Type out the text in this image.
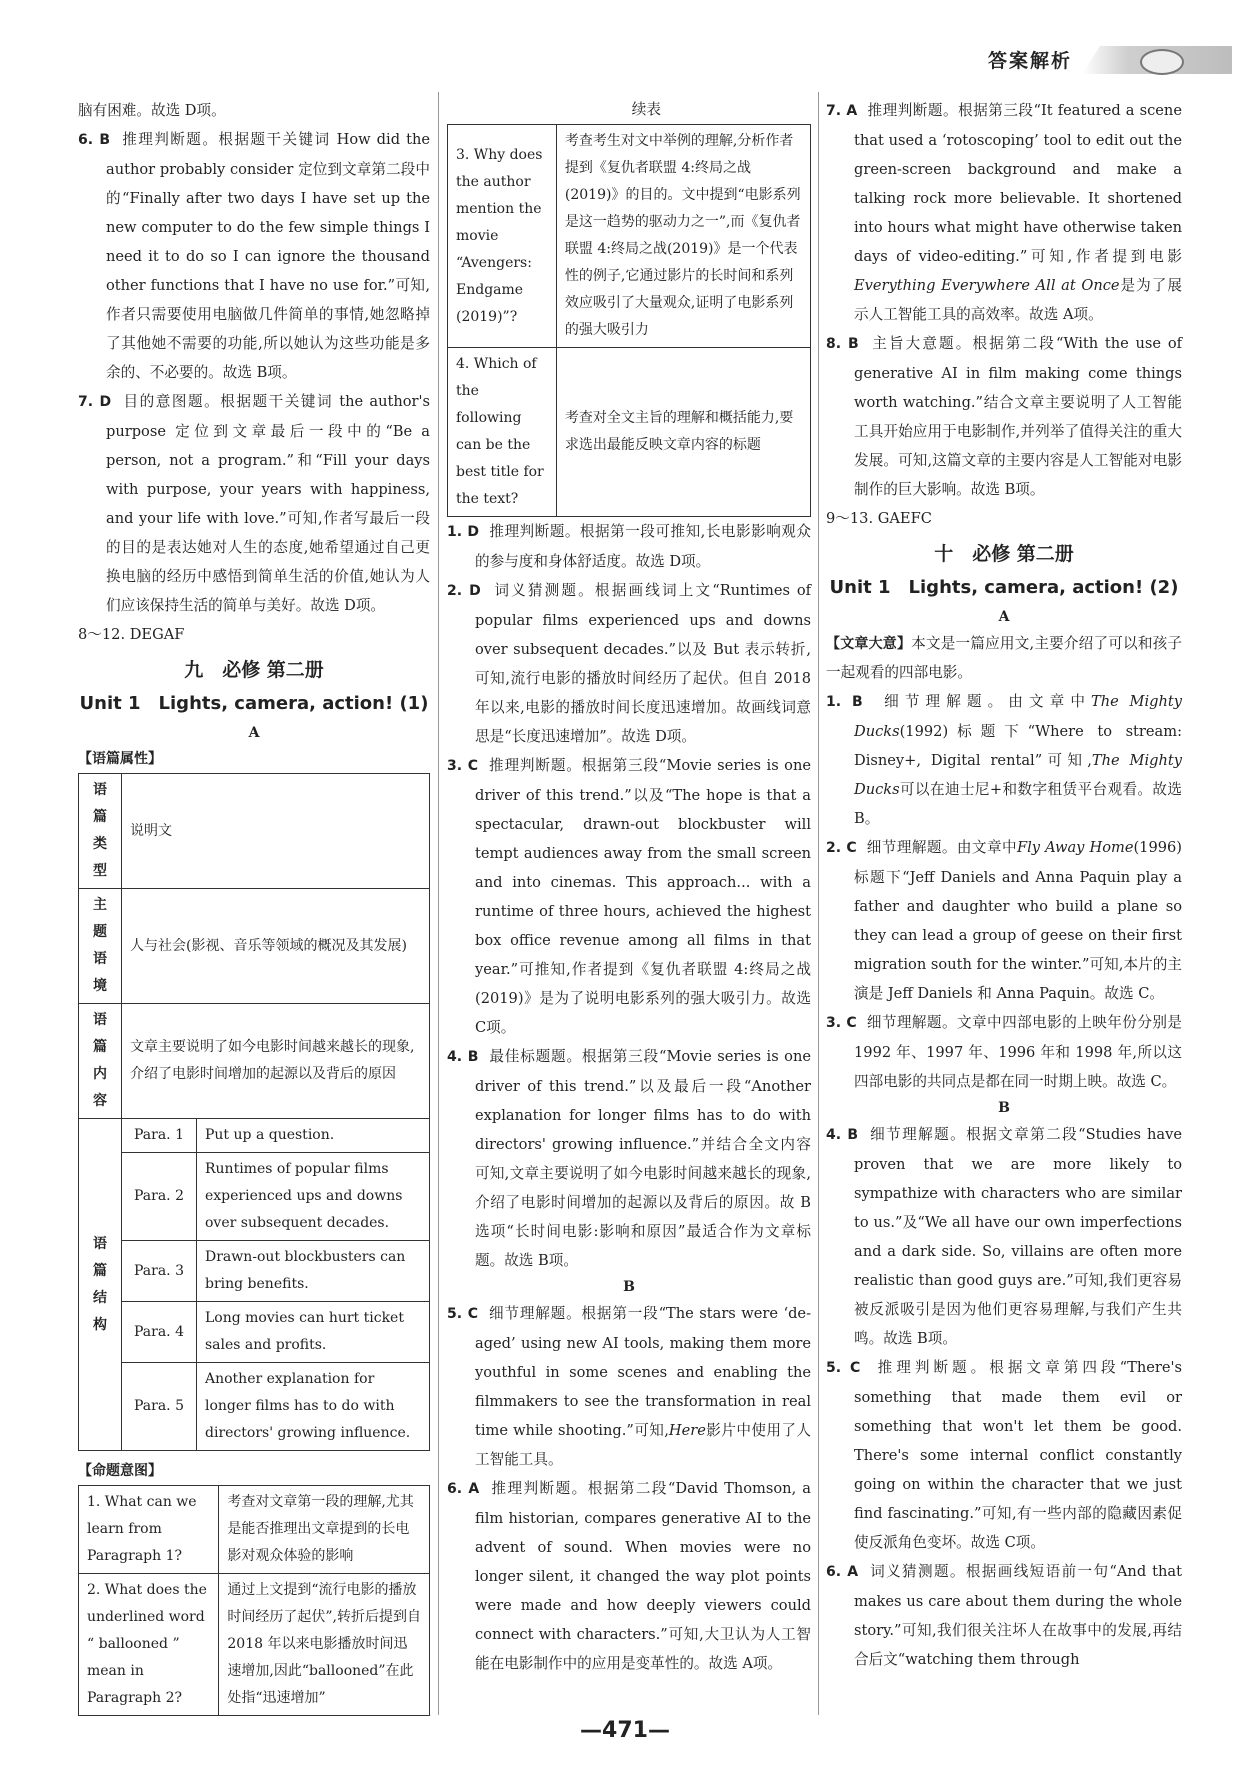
答案解析

脑有困难。故选 D项。

6. B 推理判断题。根据题干关键词 How did the author probably consider 定位到文章第二段中的“Finally after two days I have set up the new computer to do the few simple things I need it to do so I can ignore the thousand other functions that I have no use for.”可知,作者只需要使用电脑做几件简单的事情,她忽略掉了其他她不需要的功能,所以她认为这些功能是多余的、不必要的。故选 B项。

7. D 目的意图题。根据题干关键词 the author's purpose 定位到文章最后一段中的“Be a person, not a program.”和“Fill your days with purpose, your years with happiness, and your life with love.”可知,作者写最后一段的目的是表达她对人生的态度,她希望通过自己更换电脑的经历中感悟到简单生活的价值,她认为人们应该保持生活的简单与美好。故选 D项。

8～12. DEGAF

九　必修 第二册
Unit 1　Lights, camera, action! (1)
A
【语篇属性】
语篇类型	说明文	
主题语境	人与社会(影视、音乐等领域的概况及其发展)	
语篇内容	文章主要说明了如今电影时间越来越长的现象,介绍了电影时间增加的起源以及背后的原因	
语篇结构	Para. 1	Put up a question.
	Para. 2	Runtimes of popular films experienced ups and downs over subsequent decades.
	Para. 3	Drawn-out blockbusters can bring benefits.
	Para. 4	Long movies can hurt ticket sales and profits.
	Para. 5	Another explanation for longer films has to do with directors' growing influence.
【命题意图】
1. What can we learn from Paragraph 1?	考查对文章第一段的理解,尤其是能否推理出文章提到的长电影对观众体验的影响
2. What does the underlined word “ ballooned ” mean in Paragraph 2?	通过上文提到“流行电影的播放时间经历了起伏”,转折后提到自 2018 年以来电影播放时间迅速增加,因此“ballooned”在此处指“迅速增加”
续表
3. Why does the author mention the movie “Avengers: Endgame (2019)”?	考查考生对文中举例的理解,分析作者提到《复仇者联盟 4:终局之战(2019)》的目的。文中提到“电影系列是这一趋势的驱动力之一”,而《复仇者联盟 4:终局之战(2019)》是一个代表性的例子,它通过影片的长时间和系列效应吸引了大量观众,证明了电影系列的强大吸引力
4. Which of the following can be the best title for the text?	考查对全文主旨的理解和概括能力,要求选出最能反映文章内容的标题

1. D 推理判断题。根据第一段可推知,长电影影响观众的参与度和身体舒适度。故选 D项。

2. D 词义猜测题。根据画线词上文“Runtimes of popular films experienced ups and downs over subsequent decades.”以及 But 表示转折,可知,流行电影的播放时间经历了起伏。但自 2018 年以来,电影的播放时间长度迅速增加。故画线词意思是“长度迅速增加”。故选 D项。

3. C 推理判断题。根据第三段“Movie series is one driver of this trend.”以及“The hope is that a spectacular, drawn-out blockbuster will tempt audiences away from the small screen and into cinemas. This approach... with a runtime of three hours, achieved the highest box office revenue among all films in that year.”可推知,作者提到《复仇者联盟 4:终局之战(2019)》是为了说明电影系列的强大吸引力。故选 C项。

4. B 最佳标题题。根据第三段“Movie series is one driver of this trend.”以及最后一段“Another explanation for longer films has to do with directors' growing influence.”并结合全文内容可知,文章主要说明了如今电影时间越来越长的现象,介绍了电影时间增加的起源以及背后的原因。故 B选项“长时间电影:影响和原因”最适合作为文章标题。故选 B项。

B

5. C 细节理解题。根据第一段“The stars were ‘de-aged’ using new AI tools, making them more youthful in some scenes and enabling the filmmakers to see the transformation in real time while shooting.”可知,Here影片中使用了人工智能工具。

6. A 推理判断题。根据第二段“David Thomson, a film historian, compares generative AI to the advent of sound. When movies were no longer silent, it changed the way plot points were made and how deeply viewers could connect with characters.”可知,大卫认为人工智能在电影制作中的应用是变革性的。故选 A项。

7. A 推理判断题。根据第三段“It featured a scene that used a ‘rotoscoping’ tool to edit out the green-screen background and make a talking rock more believable. It shortened into hours what might have otherwise taken days of video-editing.”可知,作者提到电影Everything Everywhere All at Once是为了展示人工智能工具的高效率。故选 A项。

8. B 主旨大意题。根据第二段“With the use of generative AI in film making come things worth watching.”结合文章主要说明了人工智能工具开始应用于电影制作,并列举了值得关注的重大发展。可知,这篇文章的主要内容是人工智能对电影制作的巨大影响。故选 B项。

9～13. GAEFC

十　必修 第二册
Unit 1　Lights, camera, action! (2)
A

【文章大意】本文是一篇应用文,主要介绍了可以和孩子一起观看的四部电影。

1. B 细节理解题。由文章中The Mighty Ducks(1992)标题下“Where to stream: Disney+, Digital rental”可知,The Mighty Ducks可以在迪士尼+和数字租赁平台观看。故选 B。

2. C 细节理解题。由文章中Fly Away Home(1996)标题下“Jeff Daniels and Anna Paquin play a father and daughter who build a plane so they can lead a group of geese on their first migration south for the winter.”可知,本片的主演是 Jeff Daniels 和 Anna Paquin。故选 C。

3. C 细节理解题。文章中四部电影的上映年份分别是 1992 年、1997 年、1996 年和 1998 年,所以这四部电影的共同点是都在同一时期上映。故选 C。

B

4. B 细节理解题。根据文章第二段“Studies have proven that we are more likely to sympathize with characters who are similar to us.”及“We all have our own imperfections and a dark side. So, villains are often more realistic than good guys are.”可知,我们更容易被反派吸引是因为他们更容易理解,与我们产生共鸣。故选 B项。

5. C 推理判断题。根据文章第四段“There's something that made them evil or something that won't let them be good. There's some internal conflict constantly going on within the character that we just find fascinating.”可知,有一些内部的隐藏因素促使反派角色变坏。故选 C项。

6. A 词义猜测题。根据画线短语前一句“And that makes us care about them during the whole story.”可知,我们很关注坏人在故事中的发展,再结合后文“watching them through

—471—
